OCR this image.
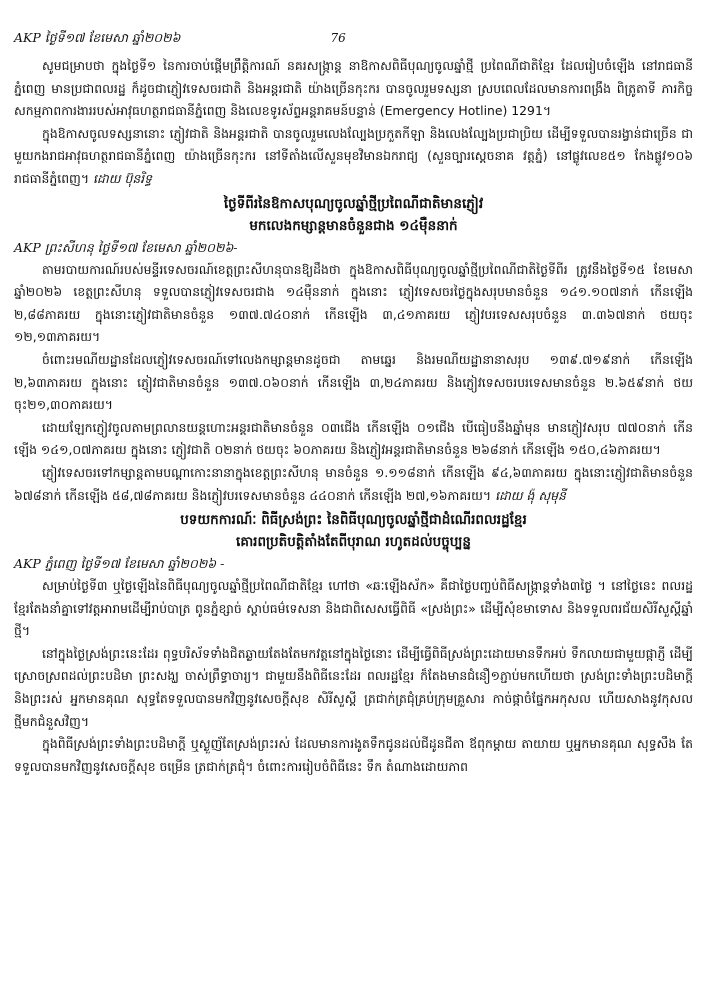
AKP ថ្ងៃទី១៧ ខែមេសា ឆ្នាំ២០២៦	76

សូមជម្រាបថា ក្នុងថ្ងៃទី១ នៃការចាប់ផ្ដើមព្រឹត្តិការណ៍ នគរសង្រ្កាន្ត នាឱកាសពិធីបុណ្យចូលឆ្នាំថ្មី ប្រពៃណីជាតិខ្មែរ ដែលរៀបចំឡើង នៅរាជធានីភ្នំពេញ មានប្រជាពលរដ្ឋ ក៏ដូចជាភ្ញៀវទេសចរជាតិ និងអន្តរជាតិ យ៉ាងច្រើនកុះករ បានចូលរួមទស្សនា ស្របពេលដែលមានការពង្រឹង ពិត្រូតាទី ភារកិច្ច សកម្មភាពការងាររបស់អាវុធហត្ថរាជធានីភ្នំពេញ និងលេខទូរស័ព្ទអន្តរាគមន៍បន្ទាន់ (Emergency Hotline) 1291។

ក្នុងឱកាសចូលទស្សនានោះ ភ្ញៀវជាតិ និងអន្តរជាតិ បានចូលរួមលេងល្បែងប្រកួតកីឡា និងលេងល្បែងប្រជាប្រិយ ដើម្បីទទួលបានរង្វាន់ជាច្រើន ជាមួយកងរាជអាវុធហត្ថរាជធានីភ្នំពេញ យ៉ាងច្រើនកុះករ នៅទីតាំងលើសួនមុខវិមានឯករាជ្យ (សួនច្បារស្តេចនាគ វត្តភ្នំ) នៅផ្លូវលេខ៥១ កែងផ្លូវ១០៦ រាជធានីភ្នំពេញ។ ដោយ ប៊ុនរិទ្ធ

ថ្ងៃទីពីរនៃឱកាសបុណ្យចូលឆ្នាំថ្មីប្រពៃណីជាតិមានភ្ញៀវ
មកលេងកម្សាន្តមានចំនួនជាង ១៤ម៉ឺននាក់

AKP ព្រះសីហនុ ថ្ងៃទី១៧ ខែមេសា ឆ្នាំ២០២៦-

តាមរបាយការណ៍របស់មន្ទីរទេសចរណ៍ខេត្តព្រះសីហនុបានឱ្យដឹងថា ក្នុងឱកាសពិធីបុណ្យចូលឆ្នាំថ្មីប្រពៃណីជាតិថ្ងៃទីពីរ ត្រូវនឹងថ្ងៃទី១៥ ខែមេសា ឆ្នាំ២០២៦ ខេត្តព្រះសីហនុ ទទួលបានភ្ញៀវទេសចរជាង ១៤ម៉ឺននាក់ ក្នុងនោះ ភ្ញៀវទេសចរថ្ងៃក្នុងសរុបមានចំនួន ១៤១.១០៧នាក់ កើនឡើង ២,៨៨ភាគរយ ក្នុងនោះភ្ញៀវជាតិមានចំនួន ១៣៧.៧៤០នាក់ កើនឡើង ៣,៤១ភាគរយ ភ្ញៀវបរទេសសរុបចំនួន ៣.៣៦៧នាក់ ថយចុះ ១២,១៣ភាគរយ។

ចំពោះរមណីយដ្ឋានដែលភ្ញៀវទេសចរណ៍ទៅលេងកម្សាន្តមានដូចជា តាមឆ្នេរ និងរមណីយដ្ឋានានាសរុប ១៣៩.៧១៩នាក់ កើនឡើង ២,៦៣ភាគរយ ក្នុងនោះ ភ្ញៀវជាតិមានចំនួន ១៣៧.០៦០នាក់ កើនឡើង ៣,២៤ភាគរយ និងភ្ញៀវទេសចរបរទេសមានចំនួន ២.៦៥៩នាក់ ថយចុះ២១,៣០ភាគរយ។

ដោយឡែកភ្ញៀវចូលតាមព្រលានយន្តហោះអន្តរជាតិមានចំនួន ០៣ជើង កើនឡើង ០១ជើង បើធៀបនឹងឆ្នាំមុន មានភ្ញៀវសរុប ៧៧០នាក់ កើនឡើង ១៤១,០៧ភាគរយ ក្នុងនោះ ភ្ញៀវជាតិ ០២នាក់ ថយចុះ ៦០ភាគរយ និងភ្ញៀវអន្តរជាតិមានចំនួន ២៦៨នាក់ កើនឡើង ១៥០,៤៦ភាគរយ។

ភ្ញៀវទេសចរទៅកម្សាន្តតាមបណ្តាកោះនានាក្នុងខេត្តព្រះសីហនុ មានចំនួន ១.១១៨នាក់ កើនឡើង ៩៤,៦៣ភាគរយ ក្នុងនោះភ្ញៀវជាតិមានចំនួន ៦៧៨នាក់ កើនឡើង ៥៨,៧៨ភាគរយ និងភ្ញៀវបរទេសមានចំនួន ៤៤០នាក់ កើនឡើង ២៧,១៦ភាគរយ។ ដោយ ង៉ុ សុមុនី

បទយកការណ៍ៈ ពិធីស្រង់ព្រះ នៃពិធីបុណ្យចូលឆ្នាំថ្មីជាដំណើរពលរដ្ឋខ្មែរ
គោរពប្រតិបត្តិតាំងតែពីបុរាណ រហូតដល់បច្ចុប្បន្ន

AKP ភ្នំពេញ ថ្ងៃទី១៧ ខែមេសា ឆ្នាំ២០២៦ -

សម្រាប់ថ្ងៃទី៣ ឬថ្ងៃឡើងនៃពិធីបុណ្យចូលឆ្នាំថ្មីប្រពៃណីជាតិខ្មែរ ហៅថា «ឆៈឡើងស័ក» គឺជាថ្ងៃបញ្ចប់ពិធីសង្រ្កាន្តទាំង៣ថ្ងៃ ។ នៅថ្ងៃនេះ ពលរដ្ឋខ្មែរតែងនាំគ្នាទៅវត្តអារាមដើម្បីរាប់បាត្រ ពូនភ្នំខ្សាច់ ស្តាប់ធម៌ទេសនា និងជាពិសេសធ្វើពិធី «ស្រង់ព្រះ» ដើម្បីសុំខមាទោស និងទទួលពរជ័យសិរីសួស្តីឆ្នាំថ្មី។

នៅក្នុងថ្ងៃស្រង់ព្រះនេះដែរ ពុទ្ធបរិស័ទទាំងជិតឆ្ងាយតែងតែមកវត្តនៅក្នុងថ្ងៃនោះ ដើម្បីធ្វើពិធីស្រង់ព្រះដោយមានទឹកអប់ ទឹកលាយជាមួយផ្កាភ្ញី ដើម្បីស្រោចស្រពដល់ព្រះបដិមា ព្រះសង្ឃ ចាស់ព្រឹទ្ធាចារ្យ។ ជាមួយនឹងពិធីនេះដែរ ពលរដ្ឋខ្មែរ ក៏តែងមានជំនឿ១ភ្ជាប់មកហើយថា ស្រង់ព្រះទាំងព្រះបដិមាក្តី និងព្រះរស់ អ្នកមានគុណ សុទ្ធតែទទួលបានមកវិញនូវសេចក្តីសុខ សិរីសួស្តី ត្រជាក់ត្រជុំគ្រប់ក្រុមគ្រួសារ កាច់ផ្កាចំផ្នែកអកុសល ហើយសាងនូវកុសលថ្មីមកជំនួសវិញ។

ក្នុងពិធីស្រង់ព្រះទាំងព្រះបដិមាក្តី ឬស្ងួញ័តែស្រង់ព្រះរស់ ដែលមានការងូតទឹកជូនដល់ជីដូនជីតា ឪពុកម្តាយ តាយាយ ឬអ្នកមានគុណ សុទ្ធសឹង តែទទួលបានមកវិញនូវសេចក្តីសុខ ចម្រើន ត្រជាក់ត្រជុំ។ ចំពោះការរៀបចំពិធីនេះ ទឹក តំណាងដោយភាព
